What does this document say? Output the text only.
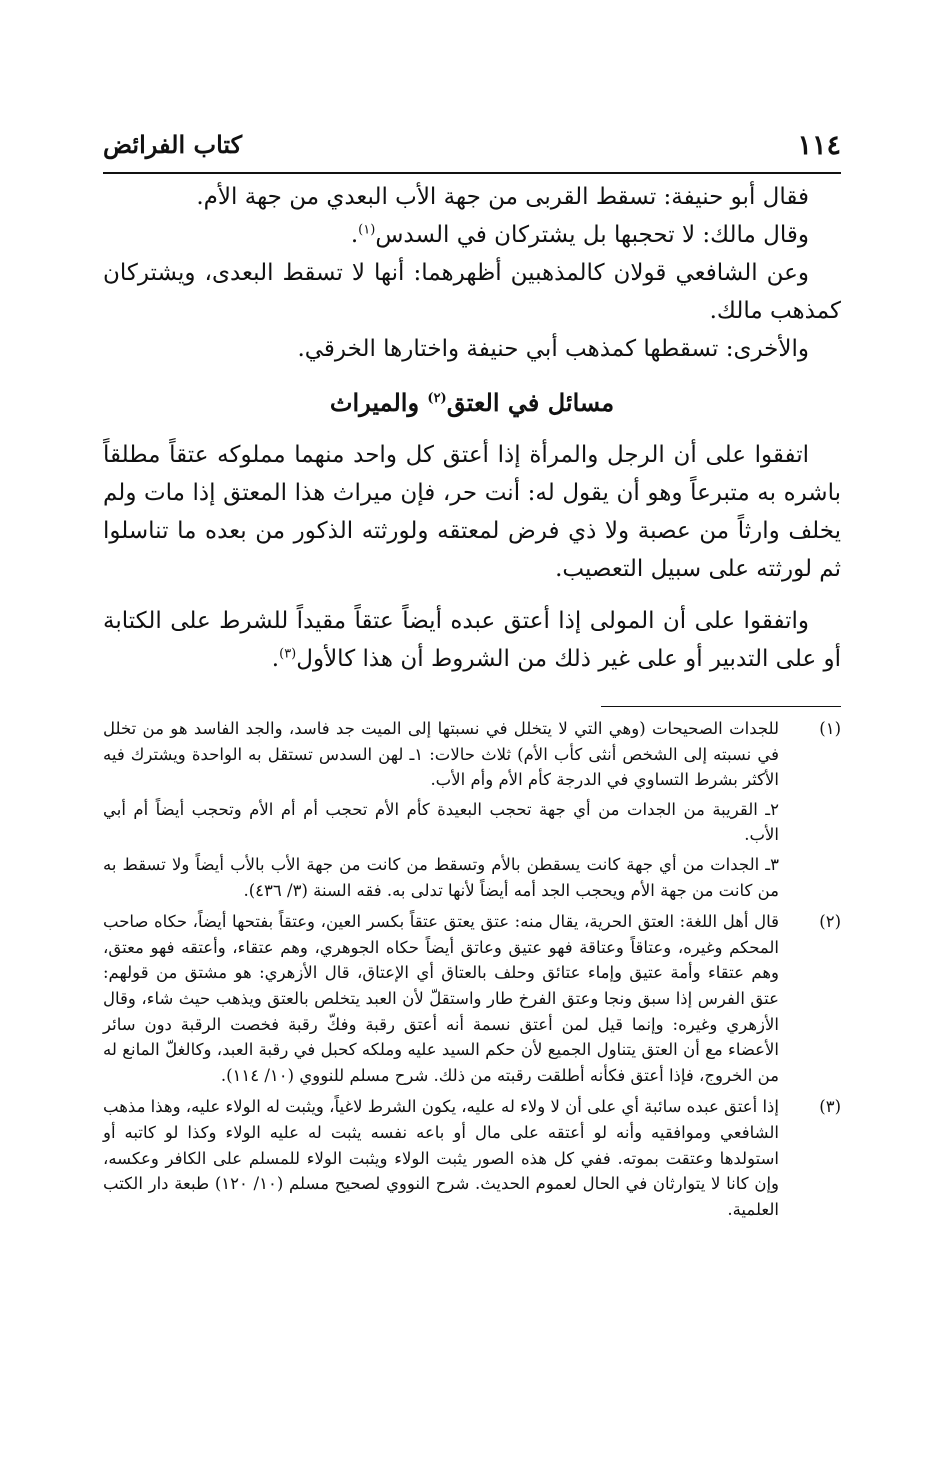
١١٤
كتاب الفرائض

فقال أبو حنيفة: تسقط القربى من جهة الأب البعدي من جهة الأم.

وقال مالك: لا تحجبها بل يشتركان في السدس$^{(١)}$.

وعن الشافعي قولان كالمذهبين أظهرهما: أنها لا تسقط البعدى، ويشتركان كمذهب مالك.

والأخرى: تسقطها كمذهب أبي حنيفة واختارها الخرقي.

مسائل في العتق$^{(٢)}$ والميراث

اتفقوا على أن الرجل والمرأة إذا أعتق كل واحد منهما مملوكه عتقاً مطلقاً باشره به متبرعاً وهو أن يقول له: أنت حر، فإن ميراث هذا المعتق إذا مات ولم يخلف وارثاً من عصبة ولا ذي فرض لمعتقه ولورثته الذكور من بعده ما تناسلوا ثم لورثته على سبيل التعصيب.

واتفقوا على أن المولى إذا أعتق عبده أيضاً عتقاً مقيداً للشرط على الكتابة أو على التدبير أو على غير ذلك من الشروط أن هذا كالأول$^{(٣)}$.

(١)

للجدات الصحيحات (وهي التي لا يتخلل في نسبتها إلى الميت جد فاسد، والجد الفاسد هو من تخلل في نسبته إلى الشخص أنثى كأب الأم) ثلاث حالات: ١ـ لهن السدس تستقل به الواحدة ويشترك فيه الأكثر بشرط التساوي في الدرجة كأم الأم وأم الأب.

٢ـ القريبة من الجدات من أي جهة تحجب البعيدة كأم الأم تحجب أم أم الأم وتحجب أيضاً أم أبي الأب.

٣ـ الجدات من أي جهة كانت يسقطن بالأم وتسقط من كانت من جهة الأب بالأب أيضاً ولا تسقط به من كانت من جهة الأم ويحجب الجد أمه أيضاً لأنها تدلى به. فقه السنة (٣/ ٤٣٦).

(٢)

قال أهل اللغة: العتق الحرية، يقال منه: عتق يعتق عتقاً بكسر العين، وعتقاً بفتحها أيضاً، حكاه صاحب المحكم وغيره، وعتاقاً وعتاقة فهو عتيق وعاتق أيضاً حكاه الجوهري، وهم عتقاء، وأعتقه فهو معتق، وهم عتقاء وأمة عتيق وإماء عتائق وحلف بالعتاق أي الإعتاق، قال الأزهري: هو مشتق من قولهم: عتق الفرس إذا سبق ونجا وعتق الفرخ طار واستقلّ لأن العبد يتخلص بالعتق ويذهب حيث شاء، وقال الأزهري وغيره: وإنما قيل لمن أعتق نسمة أنه أعتق رقبة وفكّ رقبة فخصت الرقبة دون سائر الأعضاء مع أن العتق يتناول الجميع لأن حكم السيد عليه وملكه كحبل في رقبة العبد، وكالغلّ المانع له من الخروج، فإذا أعتق فكأنه أطلقت رقبته من ذلك. شرح مسلم للنووي (١٠/ ١١٤).

(٣)

إذا أعتق عبده سائبة أي على أن لا ولاء له عليه، يكون الشرط لاغياً، ويثبت له الولاء عليه، وهذا مذهب الشافعي وموافقيه وأنه لو أعتقه على مال أو باعه نفسه يثبت له عليه الولاء وكذا لو كاتبه أو استولدها وعتقت بموته. ففي كل هذه الصور يثبت الولاء ويثبت الولاء للمسلم على الكافر وعكسه، وإن كانا لا يتوارثان في الحال لعموم الحديث. شرح النووي لصحيح مسلم (١٠/ ١٢٠) طبعة دار الكتب العلمية.
